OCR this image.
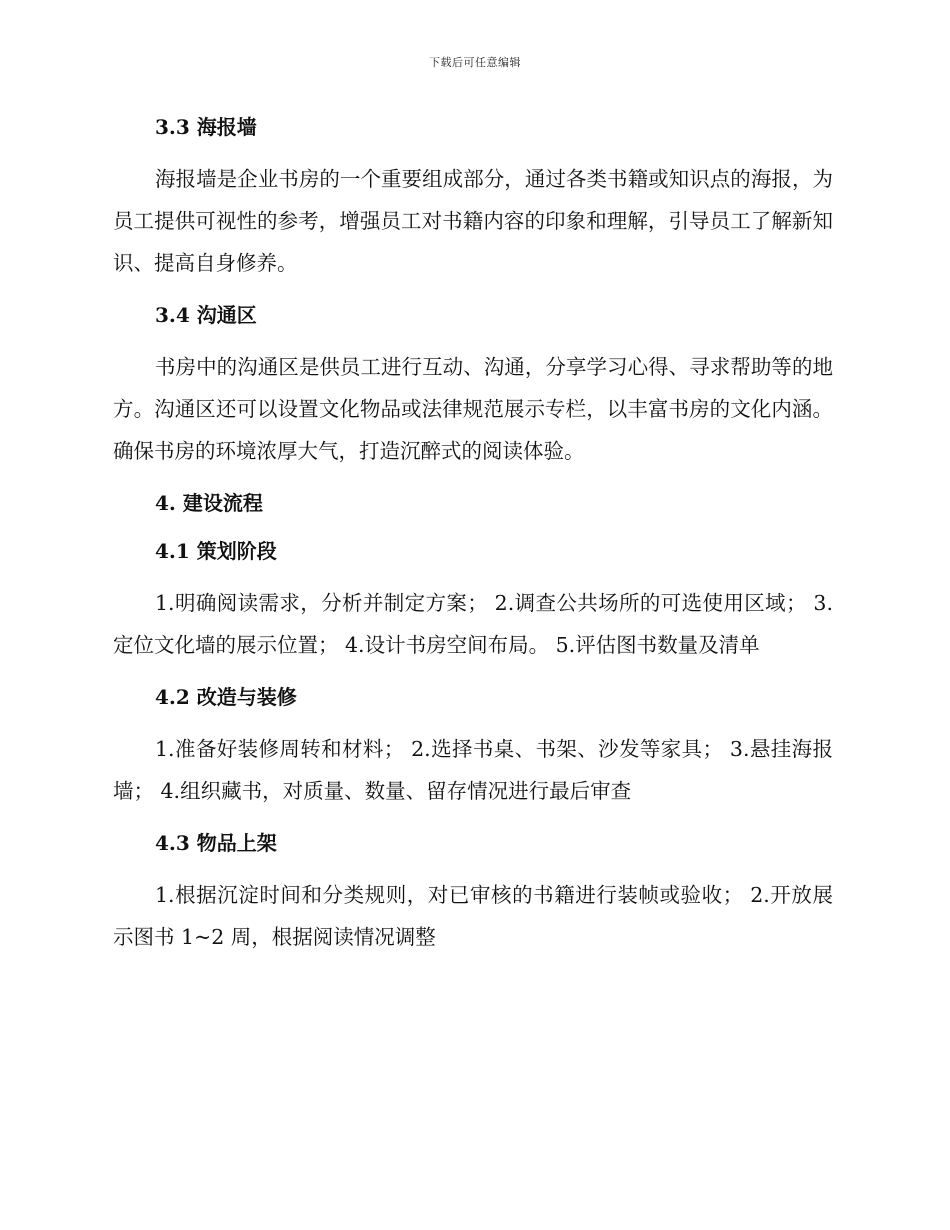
下载后可任意编辑
3.3 海报墙

海报墙是企业书房的一个重要组成部分，通过各类书籍或知识点的海报，为员工提供可视性的参考，增强员工对书籍内容的印象和理解，引导员工了解新知识、提高自身修养。

3.4 沟通区

书房中的沟通区是供员工进行互动、沟通，分享学习心得、寻求帮助等的地方。沟通区还可以设置文化物品或法律规范展示专栏，以丰富书房的文化内涵。确保书房的环境浓厚大气，打造沉醉式的阅读体验。

4. 建设流程
4.1 策划阶段

1.明确阅读需求，分析并制定方案； 2.调查公共场所的可选使用区域； 3.定位文化墙的展示位置； 4.设计书房空间布局。 5.评估图书数量及清单

4.2 改造与装修

1.准备好装修周转和材料； 2.选择书桌、书架、沙发等家具； 3.悬挂海报墙； 4.组织藏书，对质量、数量、留存情况进行最后审查

4.3 物品上架

1.根据沉淀时间和分类规则，对已审核的书籍进行装帧或验收； 2.开放展示图书 1~2 周，根据阅读情况调整
